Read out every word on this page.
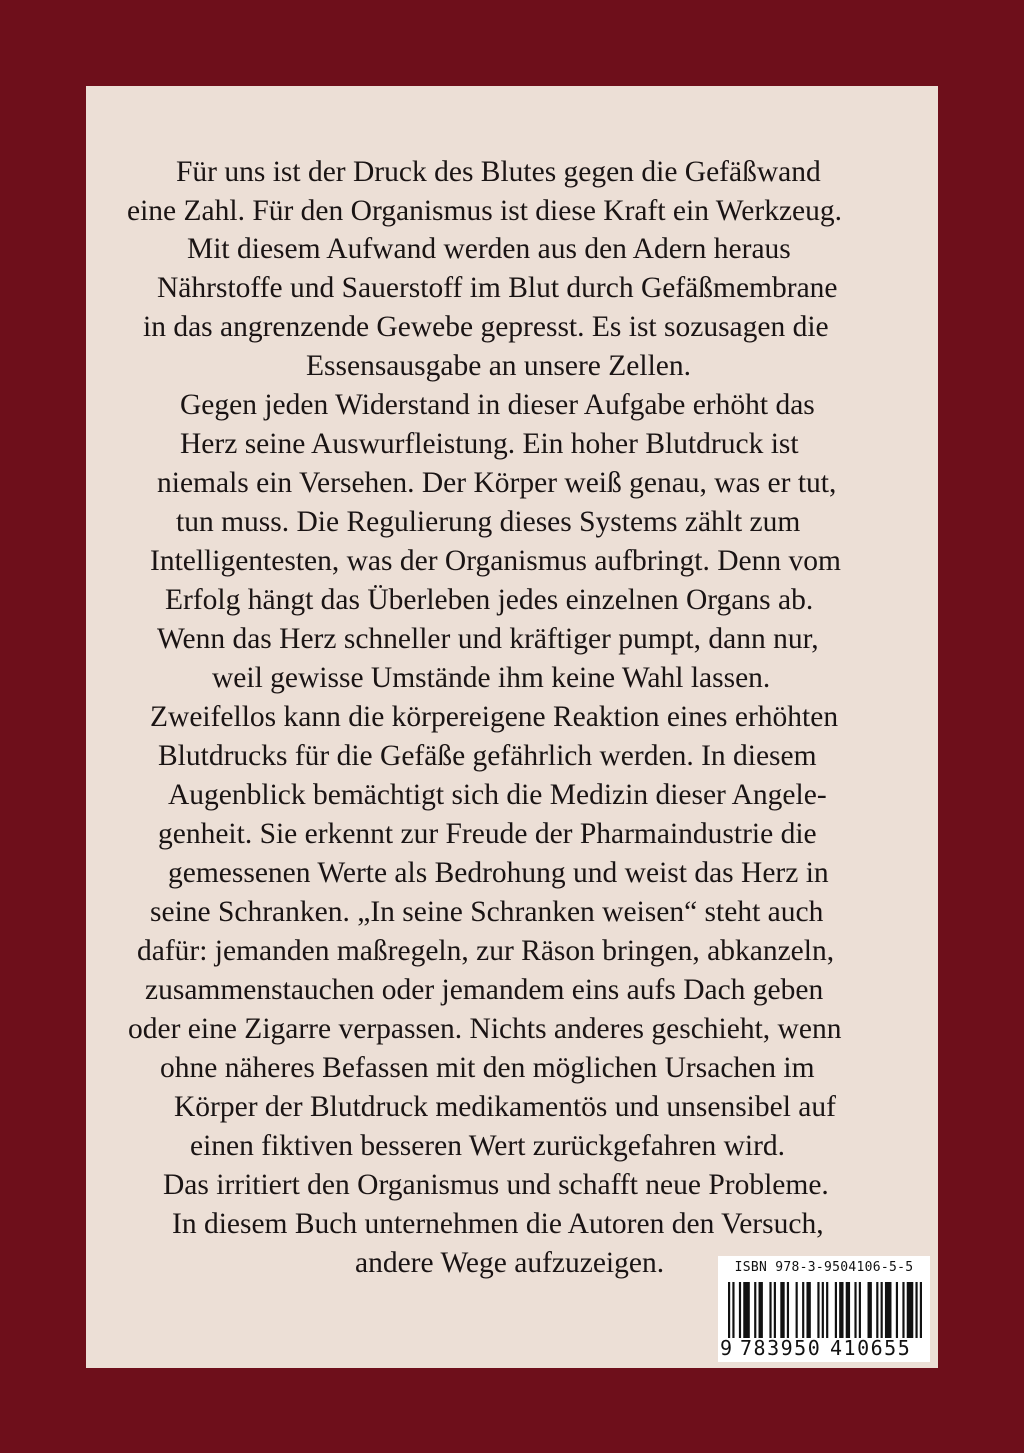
Für uns ist der Druck des Blutes gegen die Gefäßwand
eine Zahl. Für den Organismus ist diese Kraft ein Werkzeug.
Mit diesem Aufwand werden aus den Adern heraus
Nährstoffe und Sauerstoff im Blut durch Gefäßmembrane
in das angrenzende Gewebe gepresst. Es ist sozusagen die
Essensausgabe an unsere Zellen.
Gegen jeden Widerstand in dieser Aufgabe erhöht das
Herz seine Auswurfleistung. Ein hoher Blutdruck ist
niemals ein Versehen. Der Körper weiß genau, was er tut,
tun muss. Die Regulierung dieses Systems zählt zum
Intelligentesten, was der Organismus aufbringt. Denn vom
Erfolg hängt das Überleben jedes einzelnen Organs ab.
Wenn das Herz schneller und kräftiger pumpt, dann nur,
weil gewisse Umstände ihm keine Wahl lassen.
Zweifellos kann die körpereigene Reaktion eines erhöhten
Blutdrucks für die Gefäße gefährlich werden. In diesem
Augenblick bemächtigt sich die Medizin dieser Angele-
genheit. Sie erkennt zur Freude der Pharmaindustrie die
gemessenen Werte als Bedrohung und weist das Herz in
seine Schranken. „In seine Schranken weisen“ steht auch
dafür: jemanden maßregeln, zur Räson bringen, abkanzeln,
zusammenstauchen oder jemandem eins aufs Dach geben
oder eine Zigarre verpassen. Nichts anderes geschieht, wenn
ohne näheres Befassen mit den möglichen Ursachen im
Körper der Blutdruck medikamentös und unsensibel auf
einen fiktiven besseren Wert zurückgefahren wird.
Das irritiert den Organismus und schafft neue Probleme.
In diesem Buch unternehmen die Autoren den Versuch,
andere Wege aufzuzeigen.	ISBN 978-3-9504106-5-5
9 783950 410655
